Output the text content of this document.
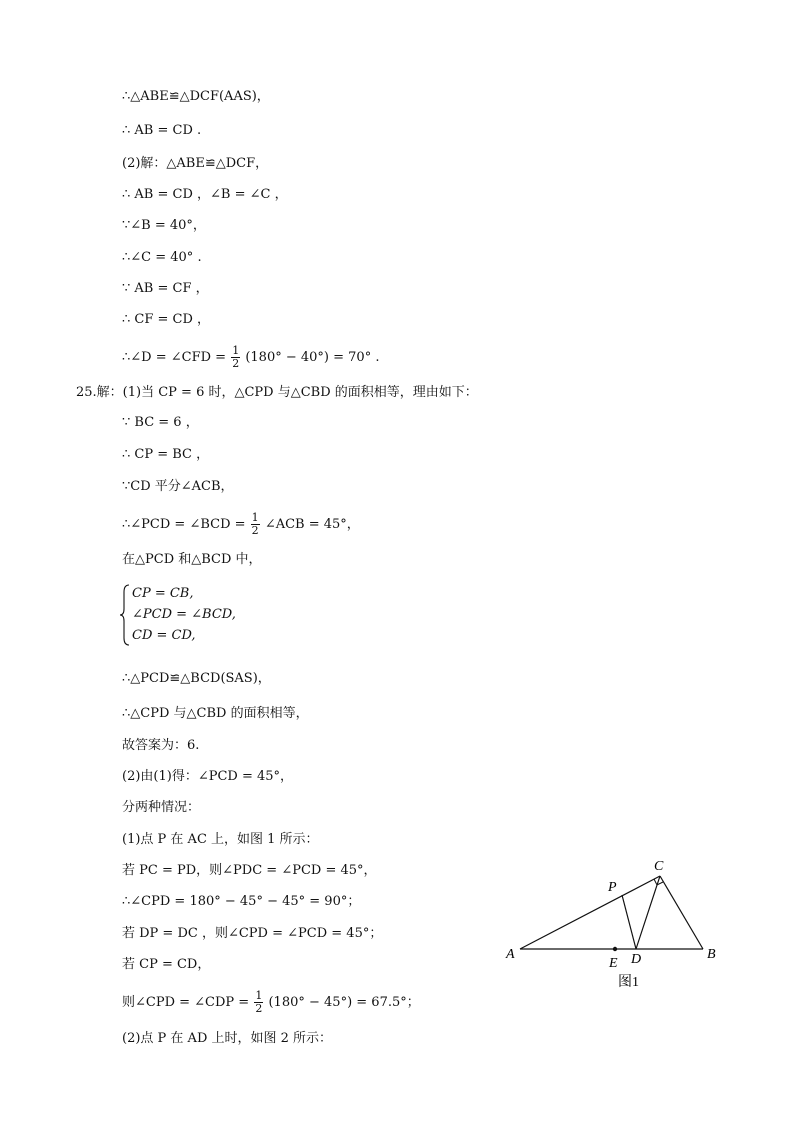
∴△ABE≌△DCF(AAS)，
∴ AB = CD .
(2)解：△ABE≌△DCF，
∴ AB = CD ，∠B = ∠C ，
∵∠B = 40°，
∴∠C = 40° .
∵ AB = CF ，
∴ CF = CD ，
∴∠D = ∠CFD = $\frac{1}{2} (180^\circ - 40^\circ) = 70^\circ$ .
25.解：(1)当 CP = 6 时，△CPD 与△CBD 的面积相等，理由如下：
∵ BC = 6 ，
∴ CP = BC ，
∵CD 平分∠ACB，
∴∠PCD = ∠BCD = $\frac{1}{2}$ ∠ACB = 45°，
在△PCD 和△BCD 中，
CP = CB,
∠PCD = ∠BCD,
CD = CD,
∴△PCD≌△BCD(SAS)，
∴△CPD 与△CBD 的面积相等，
故答案为：6.
(2)由(1)得：∠PCD = 45°，
分两种情况：
(1)点 P 在 AC 上，如图 1 所示：
若 PC = PD，则∠PDC = ∠PCD = 45°，
∴∠CPD = 180° − 45° − 45° = 90°；
若 DP = DC ，则∠CPD = ∠PCD = 45°；
若 CP = CD，
则∠CPD = ∠CDP = $\frac{1}{2} (180^\circ - 45^\circ) = 67.5^\circ$；
(2)点 P 在 AD 上时，如图 2 所示：
A	B
C
P
E D
图1
